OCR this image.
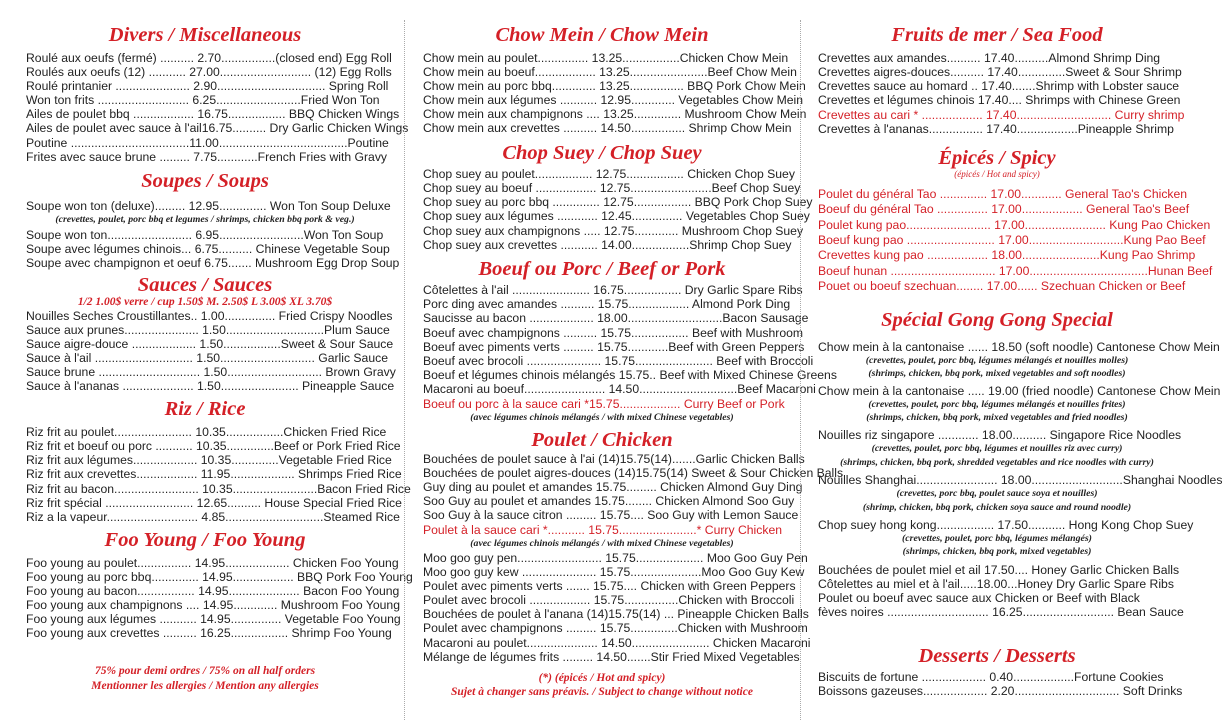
Divers / Miscellaneous
Roulé aux oeufs (fermé) .......... 2.70................(closed end) Egg Roll
Roulés aux oeufs (12) ........... 27.00........................... (12) Egg Rolls
Roulé printanier ...................... 2.90................................ Spring Roll
Won ton frits ........................... 6.25.........................Fried Won Ton
Ailes de poulet bbq .................. 16.75................. BBQ Chicken Wings
Ailes de poulet avec sauce à l'ail16.75.......... Dry Garlic Chicken Wings
Poutine ...................................11.00......................................Poutine
Frites avec sauce brune ......... 7.75............French Fries with Gravy
Soupes / Soups
Soupe won ton (deluxe)......... 12.95.............. Won Ton Soup Deluxe
(crevettes, poulet, porc bbq et legumes / shrimps, chicken bbq pork & veg.)
Soupe won ton......................... 6.95.........................Won Ton Soup
Soupe avec légumes chinois... 6.75.......... Chinese Vegetable Soup
Soupe avec champignon et oeuf 6.75....... Mushroom Egg Drop Soup
Sauces / Sauces
1/2 1.00$ verre / cup 1.50$ M. 2.50$ L 3.00$ XL 3.70$
Nouilles Seches Croustillantes.. 1.00............... Fried Crispy Noodles
Sauce aux prunes...................... 1.50.............................Plum Sauce
Sauce aigre-douce ................... 1.50.................Sweet & Sour Sauce
Sauce à l'ail ............................. 1.50............................ Garlic Sauce
Sauce brune .............................. 1.50............................ Brown Gravy
Sauce à l'ananas ..................... 1.50....................... Pineapple Sauce
Riz / Rice
Riz frit au poulet....................... 10.35.................Chicken Fried Rice
Riz frit et boeuf ou porc ........... 10.35..............Beef or Pork Fried Rice
Riz frit aux légumes................... 10.35..............Vegetable Fried Rice
Riz frit aux crevettes.................. 11.95................... Shrimps Fried Rice
Riz frit au bacon......................... 10.35.........................Bacon Fried Rice
Riz frit spécial .......................... 12.65.......... House Special Fried Rice
Riz a la vapeur........................... 4.85.............................Steamed Rice
Foo Young / Foo Young
Foo young au poulet................ 14.95................... Chicken Foo Young
Foo young au porc bbq.............. 14.95.................. BBQ Pork Foo Young
Foo young au bacon................. 14.95..................... Bacon Foo Young
Foo young aux champignons .... 14.95............. Mushroom Foo Young
Foo young aux légumes ........... 14.95............... Vegetable Foo Young
Foo young aux crevettes .......... 16.25................. Shrimp Foo Young
75% pour demi ordres / 75% on all half orders
Mentionner les allergies / Mention any allergies
Chow Mein / Chow Mein
Chow mein au poulet............... 13.25.................Chicken Chow Mein
Chow mein au boeuf.................. 13.25.......................Beef Chow Mein
Chow mein au porc bbq............. 13.25................ BBQ Pork Chow Mein
Chow mein aux légumes ........... 12.95............. Vegetables Chow Mein
Chow mein aux champignons .... 13.25.............. Mushroom Chow Mein
Chow mein aux crevettes .......... 14.50................ Shrimp Chow Mein
Chop Suey / Chop Suey
Chop suey au poulet................. 12.75................. Chicken Chop Suey
Chop suey au boeuf .................. 12.75........................Beef Chop Suey
Chop suey au porc bbq .............. 12.75................. BBQ Pork Chop Suey
Chop suey aux légumes ............ 12.45............... Vegetables Chop Suey
Chop suey aux champignons ..... 12.75............. Mushroom Chop Suey
Chop suey aux crevettes ........... 14.00.................Shrimp Chop Suey
Boeuf ou Porc / Beef or Pork
Côtelettes à l'ail ....................... 16.75................. Dry Garlic Spare Ribs
Porc ding avec amandes .......... 15.75.................. Almond Pork Ding
Saucisse au bacon ................... 18.00............................Bacon Sausage
Boeuf avec champignons .......... 15.75................. Beef with Mushroom
Boeuf avec piments verts ......... 15.75............Beef with Green Peppers
Boeuf avec brocoli ...................... 15.75....................... Beef with Broccoli
Boeuf et légumes chinois mélangés 15.75.. Beef with Mixed Chinese Greens
Macaroni au boeuf........................ 14.50.............................Beef Macaroni
Boeuf ou porc à la sauce cari *15.75.................. Curry Beef or Pork
(avec légumes chinois mélangés / with mixed Chinese vegetables)
Poulet / Chicken
Bouchées de poulet sauce à l'ai (14)15.75(14).......Garlic Chicken Balls
Bouchées de poulet aigres-douces (14)15.75(14) Sweet & Sour Chicken Balls
Guy ding au poulet et amandes 15.75......... Chicken Almond Guy Ding
Soo Guy au poulet et amandes 15.75........ Chicken Almond Soo Guy
Soo Guy à la sauce citron ......... 15.75.... Soo Guy with Lemon Sauce
Poulet à la sauce cari *........... 15.75.......................* Curry Chicken
(avec légumes chinois mélangés / with mixed Chinese vegetables)
Moo goo guy pen......................... 15.75.................... Moo Goo Guy Pen
Moo goo guy kew ...................... 15.75.....................Moo Goo Guy Kew
Poulet avec piments verts ....... 15.75.... Chicken with Green Peppers
Poulet avec brocoli .................. 15.75................Chicken with Broccoli
Bouchées de poulet à l'anana (14)15.75(14) ... Pineapple Chicken Balls
Poulet avec champignons ......... 15.75..............Chicken with Mushroom
Macaroni au poulet..................... 14.50....................... Chicken Macaroni
Mélange de légumes frits ......... 14.50.......Stir Fried Mixed Vegetables
(*) (épicés / Hot and spicy)
Sujet à changer sans préavis. / Subject to change without notice
Fruits de mer / Sea Food
Crevettes aux amandes.......... 17.40..........Almond Shrimp Ding
Crevettes aigres-douces.......... 17.40..............Sweet & Sour Shrimp
Crevettes sauce au homard .. 17.40.......Shrimp with Lobster sauce
Crevettes et légumes chinois 17.40.... Shrimps with Chinese Green
Crevettes au cari * .................. 17.40............................ Curry shrimp
Crevettes à l'ananas................ 17.40..................Pineapple Shrimp
Épicés / Spicy
(épicés / Hot and spicy)
Poulet du général Tao .............. 17.00............ General Tao's Chicken
Boeuf du général Tao ............... 17.00.................. General Tao's Beef
Poulet kung pao......................... 17.00........................ Kung Pao Chicken
Boeuf kung pao .......................... 17.00............................Kung Pao Beef
Crevettes kung pao .................. 18.00.......................Kung Pao Shrimp
Boeuf hunan ............................... 17.00...................................Hunan Beef
Pouet ou boeuf szechuan........ 17.00...... Szechuan Chicken or Beef
Spécial Gong Gong Special
Chow mein à la cantonaise ...... 18.50 (soft noodle) Cantonese Chow Mein
(crevettes, poulet, porc bbq, légumes mélangés et nouilles molles)
(shrimps, chicken, bbq pork, mixed vegetables and soft noodles)
Chow mein à la cantonaise ..... 19.00 (fried noodle) Cantonese Chow Mein
(crevettes, poulet, porc bbq, légumes mélangés et nouilles frites)
(shrimps, chicken, bbq pork, mixed vegetables and fried noodles)
Nouilles riz singapore ............ 18.00.......... Singapore Rice Noodles
(crevettes, poulet, porc bbq, légumes et nouilles riz avec curry)
(shrimps, chicken, bbq pork, shredded vegetables and rice noodles with curry)
Nouilles Shanghai........................ 18.00...........................Shanghai Noodles
(crevettes, porc bbq, poulet sauce soya et nouilles)
(shrimp, chicken, bbq pork, chicken soya sauce and round noodle)
Chop suey hong kong................. 17.50........... Hong Kong Chop Suey
(crevettes, poulet, porc bbq, légumes mélangés)
(shrimps, chicken, bbq pork, mixed vegetables)
Bouchées de poulet miel et ail 17.50.... Honey Garlic Chicken Balls
Côtelettes au miel et à l'ail.....18.00...Honey Dry Garlic Spare Ribs
Poulet ou boeuf avec sauce aux Chicken or Beef with Black
fèves noires .............................. 16.25........................... Bean Sauce
Desserts / Desserts
Biscuits de fortune ................... 0.40..................Fortune Cookies
Boissons gazeuses................... 2.20............................... Soft Drinks
